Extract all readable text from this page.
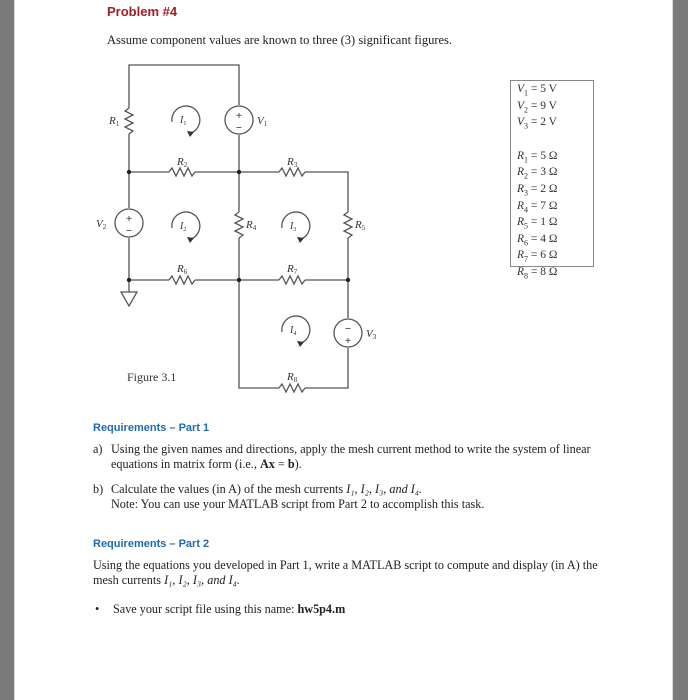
Problem #4
Assume component values are known to three (3) significant figures.
+
−
+
−
−
+
R1	V1
R2	R3
V2	R4	R5
R6	R7
R8
V3
$I_1$
$I_2$	$I_3$
$I_4$
$V_1 = 5$ V
$V_2 = 9$ V
$V_3 = 2$ V
$R_1 = 5$ Ω
$R_2 = 3$ Ω
$R_3 = 2$ Ω
$R_4 = 7$ Ω
$R_5 = 1$ Ω
$R_6 = 4$ Ω
$R_7 = 6$ Ω
$R_8 = 8$ Ω
Figure 3.1
Requirements – Part 1
a) Using the given names and directions, apply the mesh current method to write the system of linear equations in matrix form (i.e., Ax = b).
b) Calculate the values (in A) of the mesh currents I₁, I₂, I₃, and I₄.
Note: You can use your MATLAB script from Part 2 to accomplish this task.
Requirements – Part 2
Using the equations you developed in Part 1, write a MATLAB script to compute and display (in A) the mesh currents I₁, I₂, I₃, and I₄.
• Save your script file using this name: hw5p4.m
